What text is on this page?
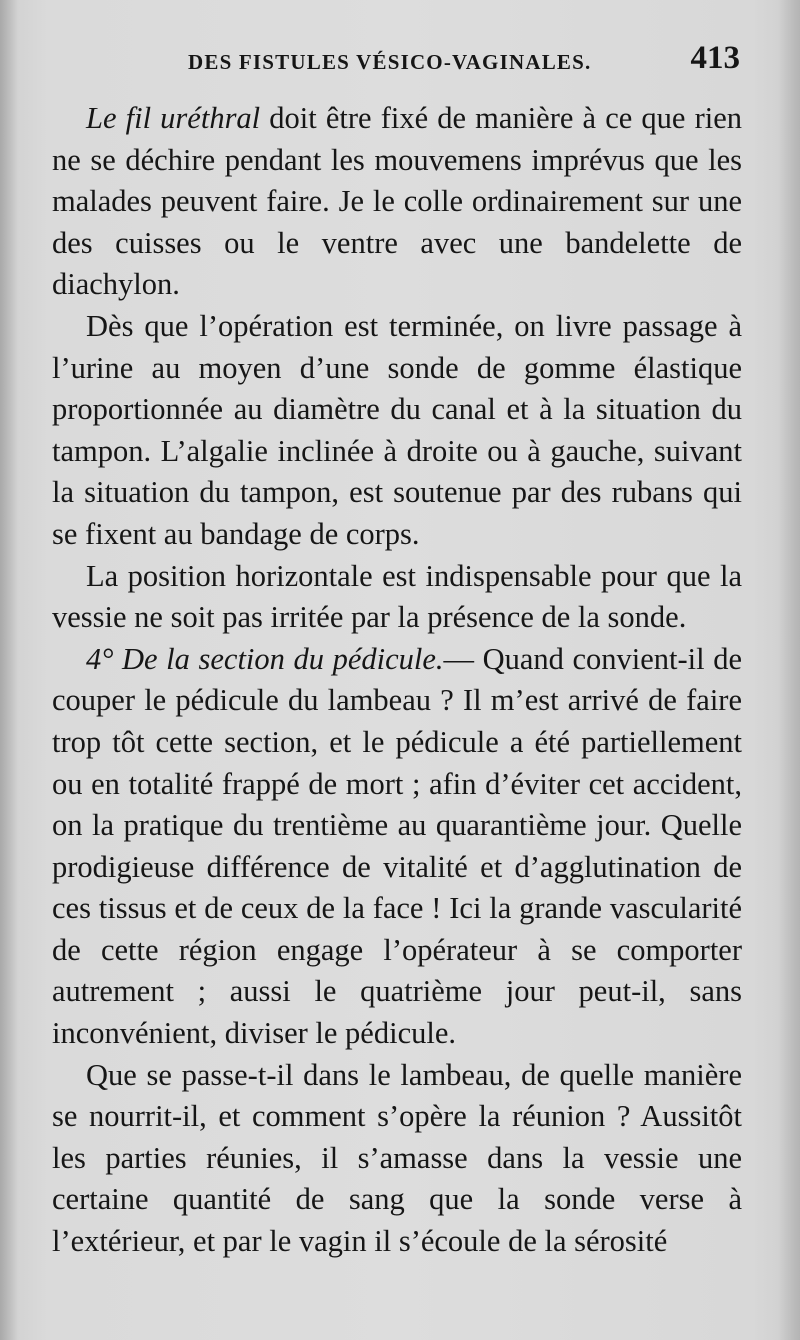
DES FISTULES VÉSICO-VAGINALES.	413

Le fil uréthral doit être fixé de manière à ce que rien ne se déchire pendant les mouvemens imprévus que les malades peuvent faire. Je le colle ordinairement sur une des cuisses ou le ventre avec une bandelette de diachylon.

Dès que l’opération est terminée, on livre passage à l’urine au moyen d’une sonde de gomme élastique proportionnée au diamètre du canal et à la situation du tampon. L’algalie inclinée à droite ou à gauche, suivant la situation du tampon, est soutenue par des rubans qui se fixent au bandage de corps.

La position horizontale est indispensable pour que la vessie ne soit pas irritée par la présence de la sonde.

4° De la section du pédicule.— Quand convient-il de couper le pédicule du lambeau ? Il m’est arrivé de faire trop tôt cette section, et le pédicule a été partiellement ou en totalité frappé de mort ; afin d’éviter cet accident, on la pratique du trentième au quarantième jour. Quelle prodigieuse différence de vitalité et d’agglutination de ces tissus et de ceux de la face ! Ici la grande vascularité de cette région engage l’opérateur à se comporter autrement ; aussi le quatrième jour peut-il, sans inconvénient, diviser le pédicule.

Que se passe-t-il dans le lambeau, de quelle manière se nourrit-il, et comment s’opère la réunion ? Aussitôt les parties réunies, il s’amasse dans la vessie une certaine quantité de sang que la sonde verse à l’extérieur, et par le vagin il s’écoule de la sérosité
